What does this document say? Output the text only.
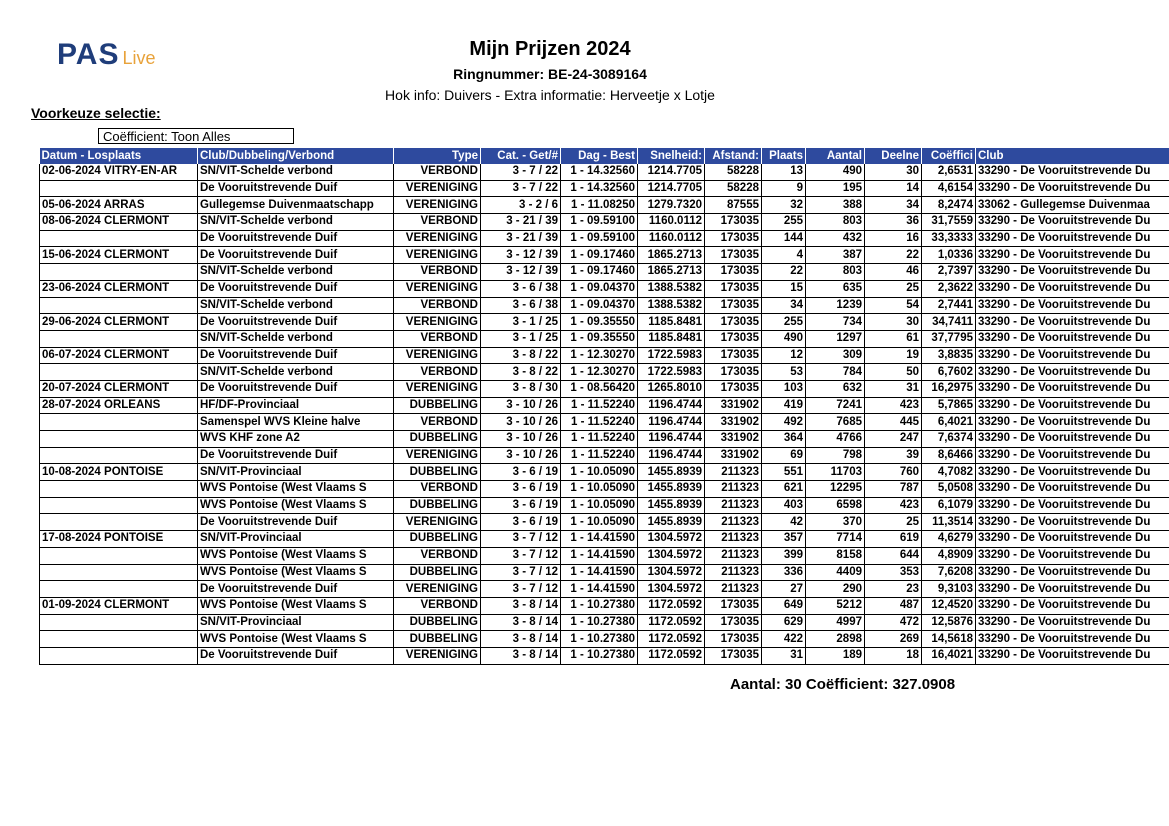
PAS Live	Mijn Prijzen 2024
Ringnummer: BE-24-3089164
Hok info: Duivers - Extra informatie: Herveetje x Lotje
Voorkeuze selectie:
Coëfficient: Toon Alles
Datum - Losplaats	Club/Dubbeling/Verbond	Type	Cat. - Get/#	Dag - Best	Snelheid:	Afstand:	Plaats	Aantal	Deelne	Coëffici	Club
02-06-2024 VITRY-EN-AR	SN/VIT-Schelde verbond	VERBOND	3 - 7 / 22	1 - 14.32560	1214.7705	58228	13	490	30	2,6531	33290 - De Vooruitstrevende Du
	De Vooruitstrevende Duif	VERENIGING	3 - 7 / 22	1 - 14.32560	1214.7705	58228	9	195	14	4,6154	33290 - De Vooruitstrevende Du
05-06-2024 ARRAS	Gullegemse Duivenmaatschapp	VERENIGING	3 - 2 / 6	1 - 11.08250	1279.7320	87555	32	388	34	8,2474	33062 - Gullegemse Duivenmaa
08-06-2024 CLERMONT	SN/VIT-Schelde verbond	VERBOND	3 - 21 / 39	1 - 09.59100	1160.0112	173035	255	803	36	31,7559	33290 - De Vooruitstrevende Du
	De Vooruitstrevende Duif	VERENIGING	3 - 21 / 39	1 - 09.59100	1160.0112	173035	144	432	16	33,3333	33290 - De Vooruitstrevende Du
15-06-2024 CLERMONT	De Vooruitstrevende Duif	VERENIGING	3 - 12 / 39	1 - 09.17460	1865.2713	173035	4	387	22	1,0336	33290 - De Vooruitstrevende Du
	SN/VIT-Schelde verbond	VERBOND	3 - 12 / 39	1 - 09.17460	1865.2713	173035	22	803	46	2,7397	33290 - De Vooruitstrevende Du
23-06-2024 CLERMONT	De Vooruitstrevende Duif	VERENIGING	3 - 6 / 38	1 - 09.04370	1388.5382	173035	15	635	25	2,3622	33290 - De Vooruitstrevende Du
	SN/VIT-Schelde verbond	VERBOND	3 - 6 / 38	1 - 09.04370	1388.5382	173035	34	1239	54	2,7441	33290 - De Vooruitstrevende Du
29-06-2024 CLERMONT	De Vooruitstrevende Duif	VERENIGING	3 - 1 / 25	1 - 09.35550	1185.8481	173035	255	734	30	34,7411	33290 - De Vooruitstrevende Du
	SN/VIT-Schelde verbond	VERBOND	3 - 1 / 25	1 - 09.35550	1185.8481	173035	490	1297	61	37,7795	33290 - De Vooruitstrevende Du
06-07-2024 CLERMONT	De Vooruitstrevende Duif	VERENIGING	3 - 8 / 22	1 - 12.30270	1722.5983	173035	12	309	19	3,8835	33290 - De Vooruitstrevende Du
	SN/VIT-Schelde verbond	VERBOND	3 - 8 / 22	1 - 12.30270	1722.5983	173035	53	784	50	6,7602	33290 - De Vooruitstrevende Du
20-07-2024 CLERMONT	De Vooruitstrevende Duif	VERENIGING	3 - 8 / 30	1 - 08.56420	1265.8010	173035	103	632	31	16,2975	33290 - De Vooruitstrevende Du
28-07-2024 ORLEANS	HF/DF-Provinciaal	DUBBELING	3 - 10 / 26	1 - 11.52240	1196.4744	331902	419	7241	423	5,7865	33290 - De Vooruitstrevende Du
	Samenspel WVS Kleine halve	VERBOND	3 - 10 / 26	1 - 11.52240	1196.4744	331902	492	7685	445	6,4021	33290 - De Vooruitstrevende Du
	WVS KHF zone A2	DUBBELING	3 - 10 / 26	1 - 11.52240	1196.4744	331902	364	4766	247	7,6374	33290 - De Vooruitstrevende Du
	De Vooruitstrevende Duif	VERENIGING	3 - 10 / 26	1 - 11.52240	1196.4744	331902	69	798	39	8,6466	33290 - De Vooruitstrevende Du
10-08-2024 PONTOISE	SN/VIT-Provinciaal	DUBBELING	3 - 6 / 19	1 - 10.05090	1455.8939	211323	551	11703	760	4,7082	33290 - De Vooruitstrevende Du
	WVS Pontoise (West Vlaams S	VERBOND	3 - 6 / 19	1 - 10.05090	1455.8939	211323	621	12295	787	5,0508	33290 - De Vooruitstrevende Du
	WVS Pontoise (West Vlaams S	DUBBELING	3 - 6 / 19	1 - 10.05090	1455.8939	211323	403	6598	423	6,1079	33290 - De Vooruitstrevende Du
	De Vooruitstrevende Duif	VERENIGING	3 - 6 / 19	1 - 10.05090	1455.8939	211323	42	370	25	11,3514	33290 - De Vooruitstrevende Du
17-08-2024 PONTOISE	SN/VIT-Provinciaal	DUBBELING	3 - 7 / 12	1 - 14.41590	1304.5972	211323	357	7714	619	4,6279	33290 - De Vooruitstrevende Du
	WVS Pontoise (West Vlaams S	VERBOND	3 - 7 / 12	1 - 14.41590	1304.5972	211323	399	8158	644	4,8909	33290 - De Vooruitstrevende Du
	WVS Pontoise (West Vlaams S	DUBBELING	3 - 7 / 12	1 - 14.41590	1304.5972	211323	336	4409	353	7,6208	33290 - De Vooruitstrevende Du
	De Vooruitstrevende Duif	VERENIGING	3 - 7 / 12	1 - 14.41590	1304.5972	211323	27	290	23	9,3103	33290 - De Vooruitstrevende Du
01-09-2024 CLERMONT	WVS Pontoise (West Vlaams S	VERBOND	3 - 8 / 14	1 - 10.27380	1172.0592	173035	649	5212	487	12,4520	33290 - De Vooruitstrevende Du
	SN/VIT-Provinciaal	DUBBELING	3 - 8 / 14	1 - 10.27380	1172.0592	173035	629	4997	472	12,5876	33290 - De Vooruitstrevende Du
	WVS Pontoise (West Vlaams S	DUBBELING	3 - 8 / 14	1 - 10.27380	1172.0592	173035	422	2898	269	14,5618	33290 - De Vooruitstrevende Du
	De Vooruitstrevende Duif	VERENIGING	3 - 8 / 14	1 - 10.27380	1172.0592	173035	31	189	18	16,4021	33290 - De Vooruitstrevende Du
Aantal: 30 Coëfficient: 327.0908
